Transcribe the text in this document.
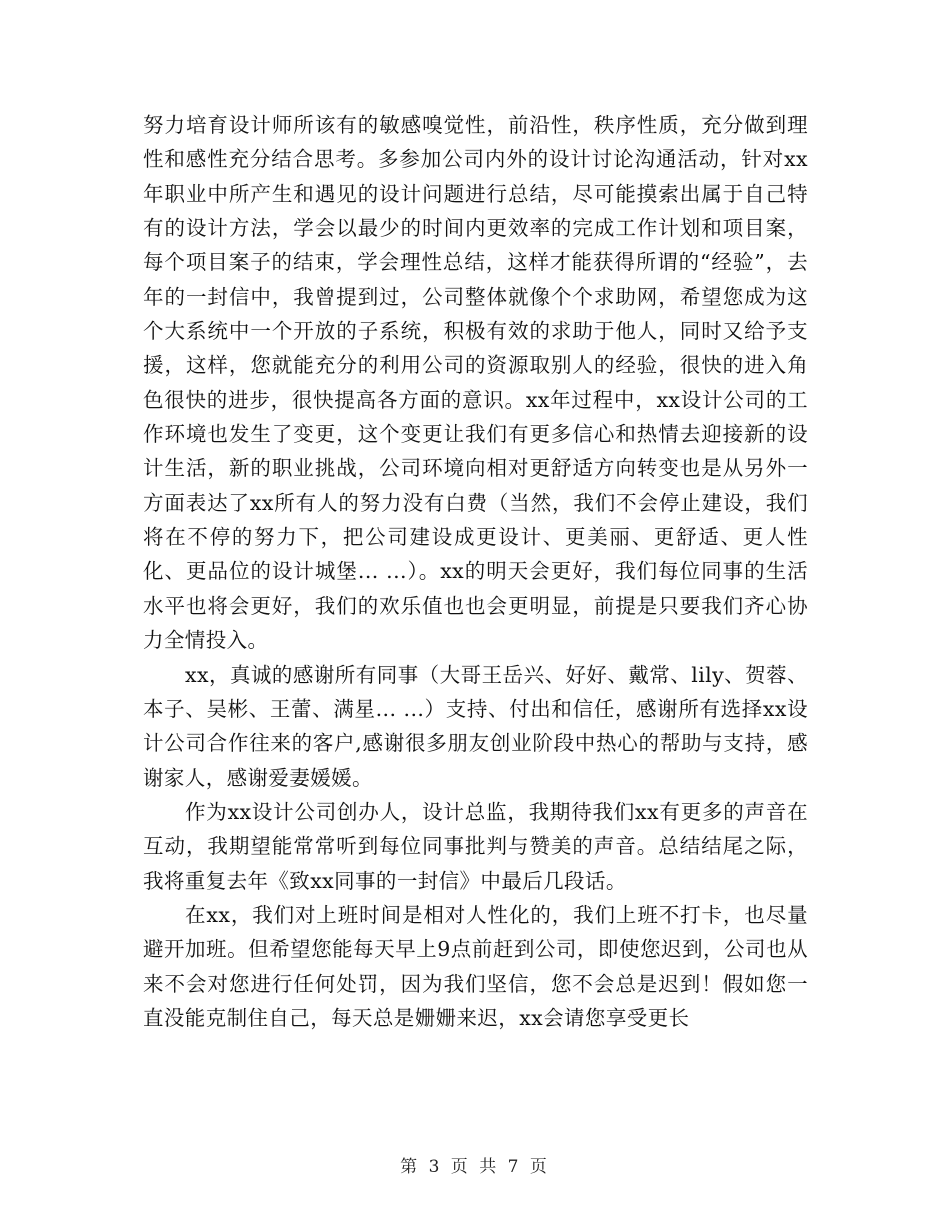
努力培育设计师所该有的敏感嗅觉性，前沿性，秩序性质，充分做到理性和感性充分结合思考。多参加公司内外的设计讨论沟通活动，针对xx年职业中所产生和遇见的设计问题进行总结，尽可能摸索出属于自己特有的设计方法，学会以最少的时间内更效率的完成工作计划和项目案，每个项目案子的结束，学会理性总结，这样才能获得所谓的“经验”，去年的一封信中，我曾提到过，公司整体就像个个求助网，希望您成为这个大系统中一个开放的子系统，积极有效的求助于他人，同时又给予支援，这样，您就能充分的利用公司的资源取别人的经验，很快的进入角色很快的进步，很快提高各方面的意识。xx年过程中，xx设计公司的工作环境也发生了变更，这个变更让我们有更多信心和热情去迎接新的设计生活，新的职业挑战，公司环境向相对更舒适方向转变也是从另外一方面表达了xx所有人的努力没有白费（当然，我们不会停止建设，我们将在不停的努力下，把公司建设成更设计、更美丽、更舒适、更人性化、更品位的设计城堡... ...）。xx的明天会更好，我们每位同事的生活水平也将会更好，我们的欢乐值也也会更明显，前提是只要我们齐心协力全情投入。

xx，真诚的感谢所有同事（大哥王岳兴、好好、戴常、lily、贺蓉、本子、吴彬、王蕾、满星... ...）支持、付出和信任，感谢所有选择xx设计公司合作往来的客户,感谢很多朋友创业阶段中热心的帮助与支持，感谢家人，感谢爱妻媛媛。

作为xx设计公司创办人，设计总监，我期待我们xx有更多的声音在互动，我期望能常常听到每位同事批判与赞美的声音。总结结尾之际，我将重复去年《致xx同事的一封信》中最后几段话。

在xx，我们对上班时间是相对人性化的，我们上班不打卡，也尽量避开加班。但希望您能每天早上9点前赶到公司，即使您迟到，公司也从来不会对您进行任何处罚，因为我们坚信，您不会总是迟到！假如您一直没能克制住自己，每天总是姗姗来迟，xx会请您享受更长

第 3 页 共 7 页
